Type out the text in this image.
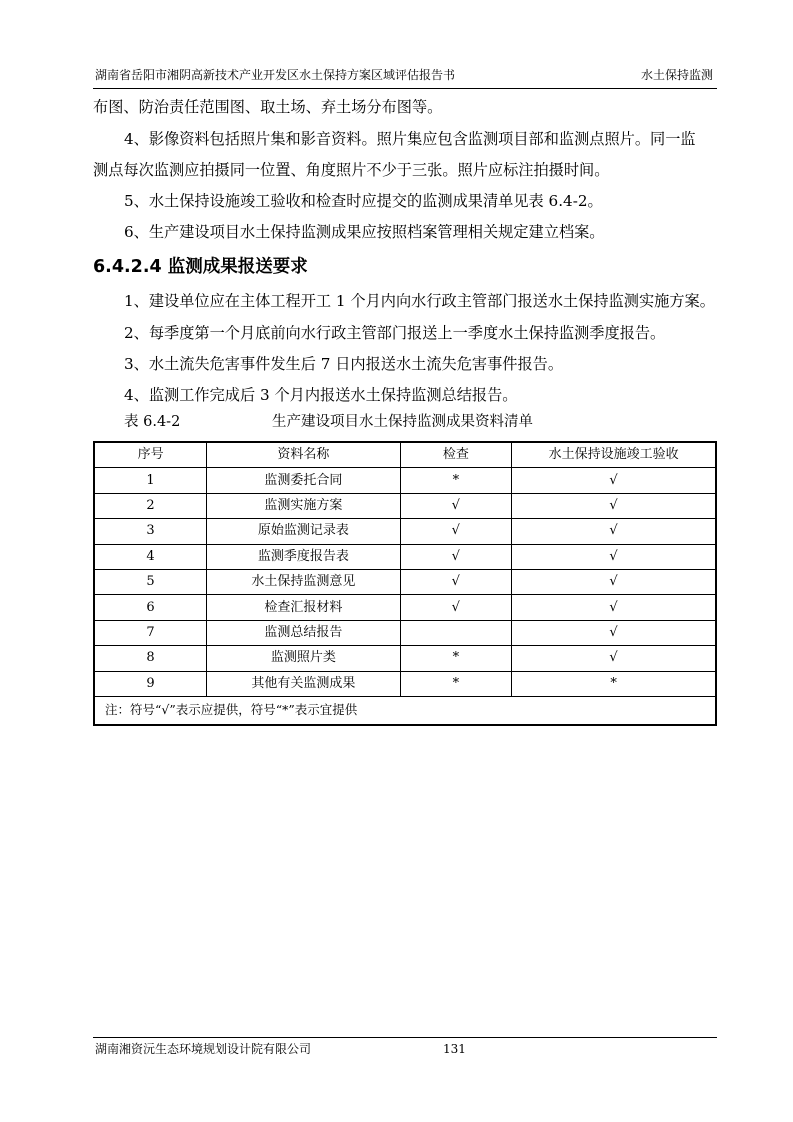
湖南省岳阳市湘阴高新技术产业开发区水土保持方案区域评估报告书	水土保持监测
布图、防治责任范围图、取土场、弃土场分布图等。
4、影像资料包括照片集和影音资料。照片集应包含监测项目部和监测点照片。同一监
测点每次监测应拍摄同一位置、角度照片不少于三张。照片应标注拍摄时间。
5、水土保持设施竣工验收和检查时应提交的监测成果清单见表 6.4-2。
6、生产建设项目水土保持监测成果应按照档案管理相关规定建立档案。
6.4.2.4 监测成果报送要求
1、建设单位应在主体工程开工 1 个月内向水行政主管部门报送水土保持监测实施方案。
2、每季度第一个月底前向水行政主管部门报送上一季度水土保持监测季度报告。
3、水土流失危害事件发生后 7 日内报送水土流失危害事件报告。
4、监测工作完成后 3 个月内报送水土保持监测总结报告。
表 6.4-2	生产建设项目水土保持监测成果资料清单
序号	资料名称	检查	水土保持设施竣工验收
1	监测委托合同	*	√
2	监测实施方案	√	√
3	原始监测记录表	√	√
4	监测季度报告表	√	√
5	水土保持监测意见	√	√
6	检查汇报材料	√	√
7	监测总结报告		√
8	监测照片类	*	√
9	其他有关监测成果	*	*
注：符号“√”表示应提供，符号“*”表示宜提供			
湖南湘资沅生态环境规划设计院有限公司	131
